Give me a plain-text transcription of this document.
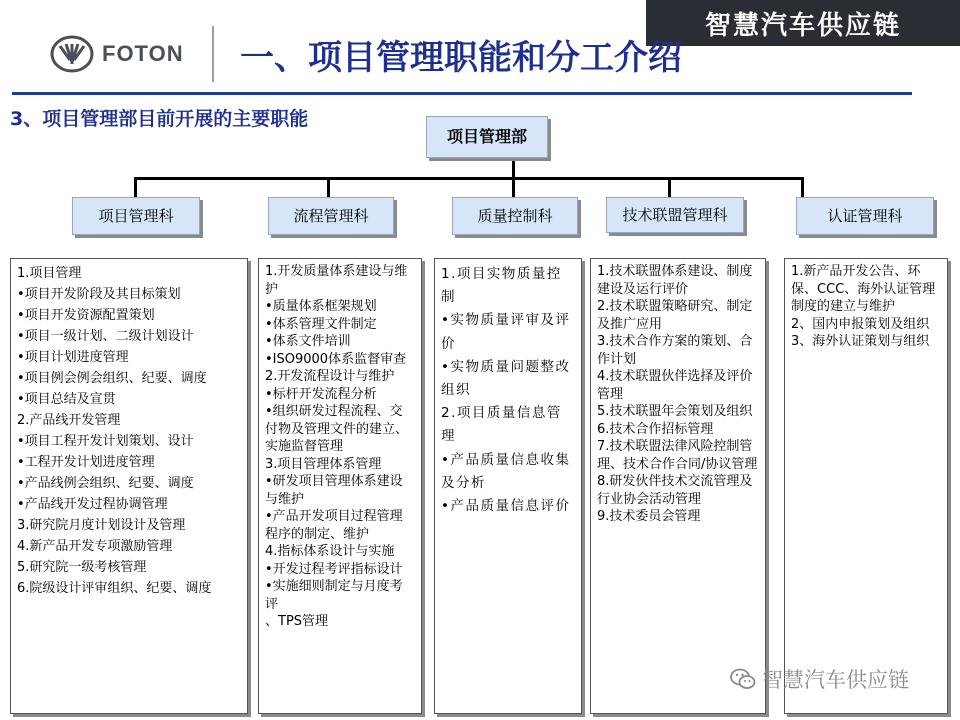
智慧汽车供应链
FOTON 一、项目管理职能和分工介绍
3、项目管理部目前开展的主要职能
项目管理部
项目管理科	流程管理科	质量控制科	技术联盟管理科	认证管理科
1.项目管理
•项目开发阶段及其目标策划
•项目开发资源配置策划
•项目一级计划、二级计划设计
•项目计划进度管理
•项目例会例会组织、纪要、调度
•项目总结及宣贯
2.产品线开发管理
•项目工程开发计划策划、设计
•工程开发计划进度管理
•产品线例会组织、纪要、调度
•产品线开发过程协调管理
3.研究院月度计划设计及管理
4.新产品开发专项激励管理
5.研究院一级考核管理
6.院级设计评审组织、纪要、调度
1.开发质量体系建设与维护
•质量体系框架规划
•体系管理文件制定
•体系文件培训
•ISO9000体系监督审查
2.开发流程设计与维护
•标杆开发流程分析
•组织研发过程流程、交付物及管理文件的建立、实施监督管理
3.项目管理体系管理
•研发项目管理体系建设与维护
•产品开发项目过程管理程序的制定、维护
4.指标体系设计与实施
•开发过程考评指标设计
•实施细则制定与月度考评
、TPS管理
1.项目实物质量控制
•实物质量评审及评价
•实物质量问题整改组织
2.项目质量信息管理
•产品质量信息收集及分析
•产品质量信息评价
1.技术联盟体系建设、制度建设及运行评价
2.技术联盟策略研究、制定及推广应用
3.技术合作方案的策划、合作计划
4.技术联盟伙伴选择及评价管理
5.技术联盟年会策划及组织
6.技术合作招标管理
7.技术联盟法律风险控制管理、技术合作合同/协议管理
8.研发伙伴技术交流管理及行业协会活动管理
9.技术委员会管理
1.新产品开发公告、环保、CCC、海外认证管理制度的建立与维护
2、国内申报策划及组织
3、海外认证策划与组织
智慧汽车供应链
